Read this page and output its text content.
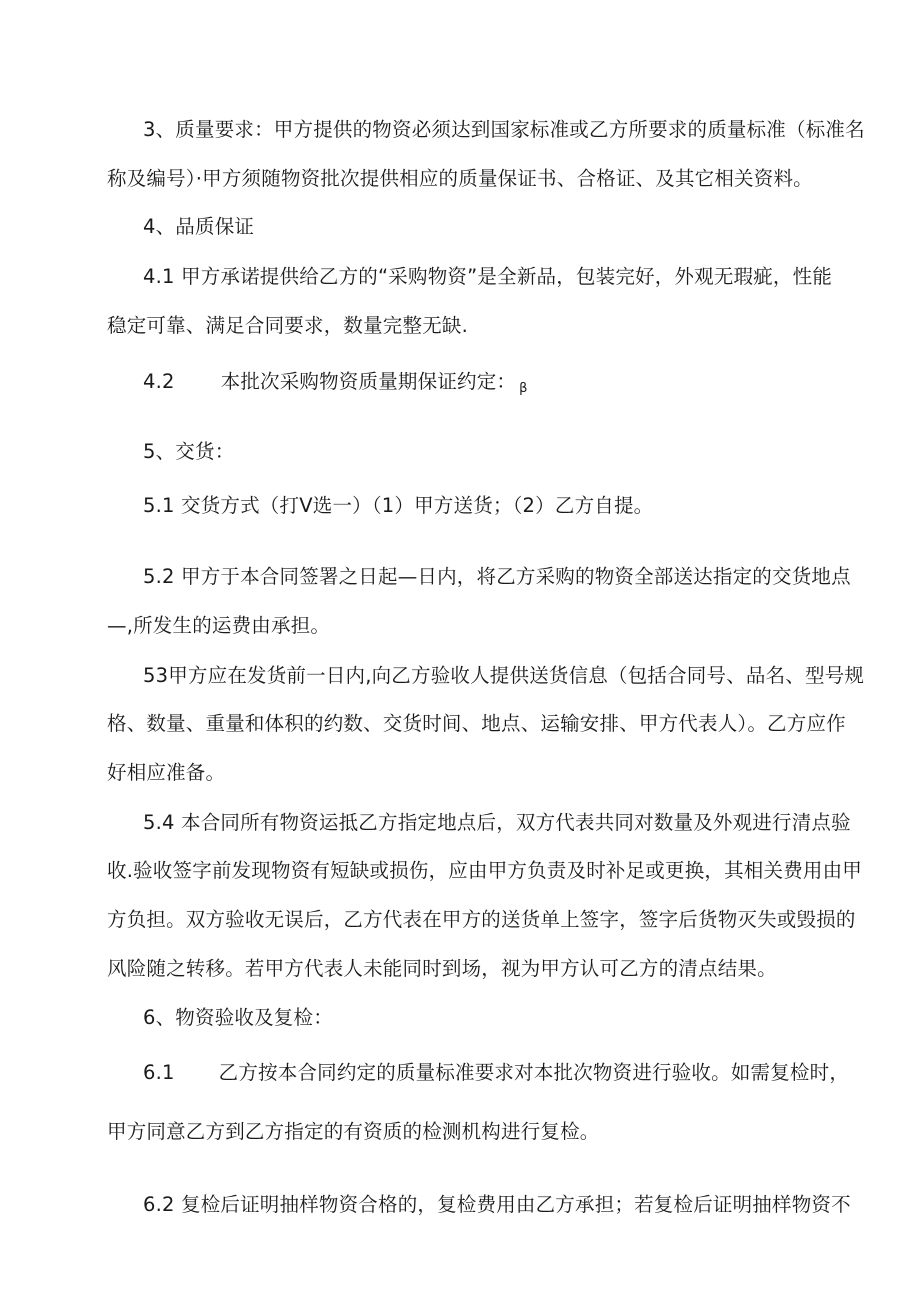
3、质量要求：甲方提供的物资必须达到国家标准或乙方所要求的质量标准（标准名
称及编号）·甲方须随物资批次提供相应的质量保证书、合格证、及其它相关资料。
4、品质保证
4.1 甲方承诺提供给乙方的“采购物资”是全新品，包装完好，外观无瑕疵，性能
稳定可靠、满足合同要求，数量完整无缺.
4.2 本批次采购物资质量期保证约定： $_\beta$
5、交货：
5.1 交货方式（打V选一）（1）甲方送货；（2）乙方自提。
5.2 甲方于本合同签署之日起—日内，将乙方采购的物资全部送达指定的交货地点
—,所发生的运费由承担。
53甲方应在发货前一日内,向乙方验收人提供送货信息（包括合同号、品名、型号规
格、数量、重量和体积的约数、交货时间、地点、运输安排、甲方代表人）。乙方应作
好相应准备。
5.4 本合同所有物资运抵乙方指定地点后，双方代表共同对数量及外观进行清点验
收.验收签字前发现物资有短缺或损伤，应由甲方负责及时补足或更换，其相关费用由甲
方负担。双方验收无误后，乙方代表在甲方的送货单上签字，签字后货物灭失或毁损的
风险随之转移。若甲方代表人未能同时到场，视为甲方认可乙方的清点结果。
6、物资验收及复检：
6.1 乙方按本合同约定的质量标准要求对本批次物资进行验收。如需复检时，
甲方同意乙方到乙方指定的有资质的检测机构进行复检。
6.2 复检后证明抽样物资合格的，复检费用由乙方承担；若复检后证明抽样物资不
